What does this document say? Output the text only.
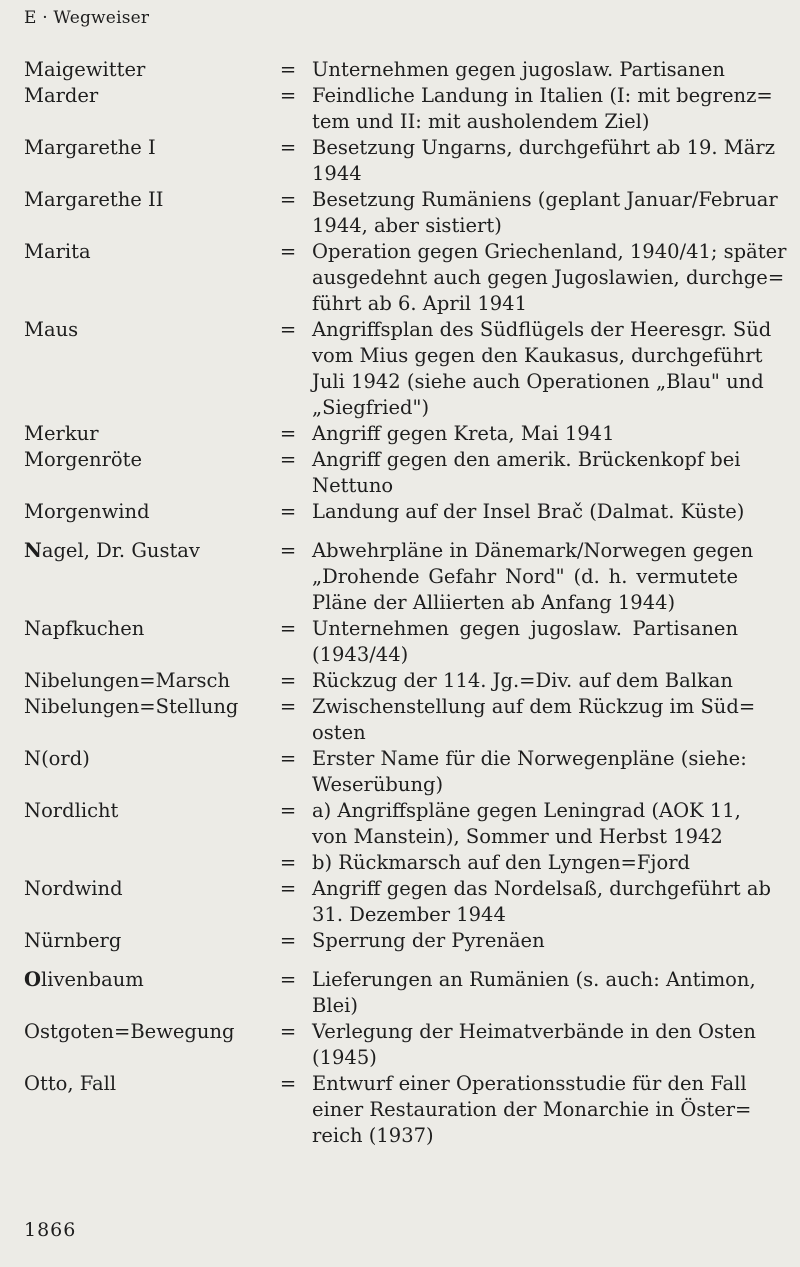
E · Wegweiser
Maigewitter	= Unternehmen gegen jugoslaw. Partisanen
Marder	= Feindliche Landung in Italien (I: mit begrenz=
tem und II: mit ausholendem Ziel)
Margarethe I	= Besetzung Ungarns, durchgeführt ab 19. März
1944
Margarethe II	= Besetzung Rumäniens (geplant Januar/Februar
1944, aber sistiert)
Marita	= Operation gegen Griechenland, 1940/41; später
ausgedehnt auch gegen Jugoslawien, durchge=
führt ab 6. April 1941
Maus	= Angriffsplan des Südflügels der Heeresgr. Süd
vom Mius gegen den Kaukasus, durchgeführt
Juli 1942 (siehe auch Operationen „Blau" und
„Siegfried")
Merkur	= Angriff gegen Kreta, Mai 1941
Morgenröte	= Angriff gegen den amerik. Brückenkopf bei
Nettuno
Morgenwind	= Landung auf der Insel Brač (Dalmat. Küste)
Nagel, Dr. Gustav	= Abwehrpläne in Dänemark/Norwegen gegen
„Drohende Gefahr Nord" (d. h. vermutete
Pläne der Alliierten ab Anfang 1944)
Napfkuchen	= Unternehmen gegen jugoslaw. Partisanen
(1943/44)
Nibelungen=Marsch	= Rückzug der 114. Jg.=Div. auf dem Balkan
Nibelungen=Stellung	= Zwischenstellung auf dem Rückzug im Süd=
osten
N(ord)	= Erster Name für die Norwegenpläne (siehe:
Weserübung)
Nordlicht	= a) Angriffspläne gegen Leningrad (AOK 11,
von Manstein), Sommer und Herbst 1942
= b) Rückmarsch auf den Lyngen=Fjord
Nordwind	= Angriff gegen das Nordelsaß, durchgeführt ab
31. Dezember 1944
Nürnberg	= Sperrung der Pyrenäen
Olivenbaum	= Lieferungen an Rumänien (s. auch: Antimon,
Blei)
Ostgoten=Bewegung	= Verlegung der Heimatverbände in den Osten
(1945)
Otto, Fall	= Entwurf einer Operationsstudie für den Fall
einer Restauration der Monarchie in Öster=
reich (1937)
1866
